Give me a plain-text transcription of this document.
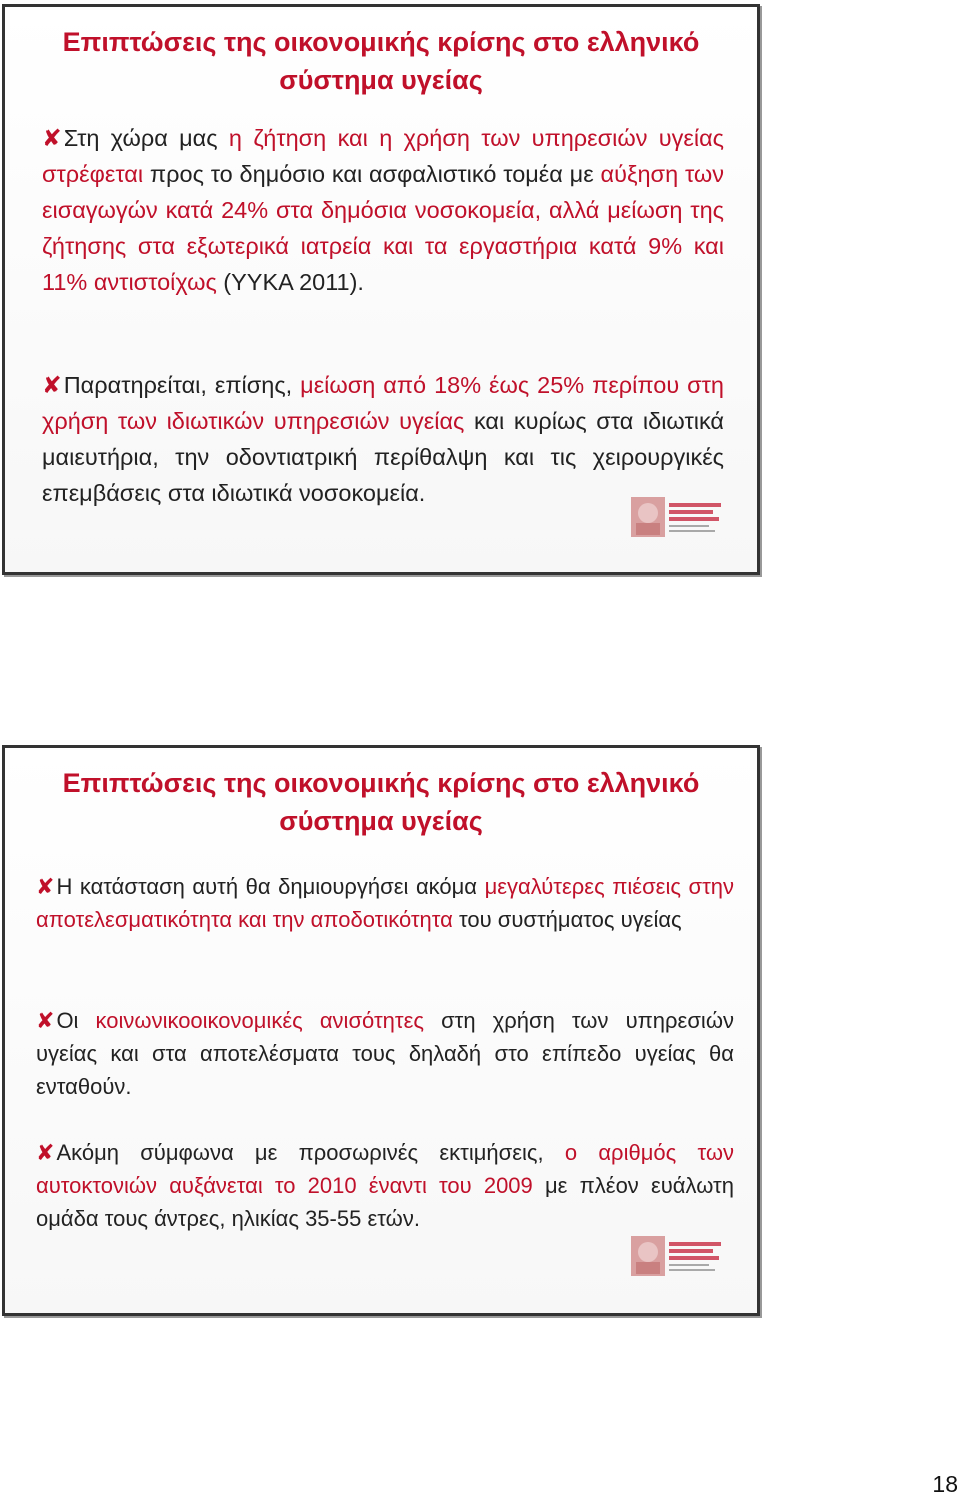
Επιπτώσεις της οικονομικής κρίσης στο ελληνικό
σύστημα υγείας

✘Στη χώρα μας η ζήτηση και η χρήση των υπηρεσιών υγείας στρέφεται προς το δημόσιο και ασφαλιστικό τομέα με αύξηση των εισαγωγών κατά 24% στα δημόσια νοσοκομεία, αλλά μείωση της ζήτησης στα εξωτερικά ιατρεία και τα εργαστήρια κατά 9% και 11% αντιστοίχως (ΥΥΚΑ 2011).

✘Παρατηρείται, επίσης, μείωση από 18% έως 25% περίπου στη χρήση των ιδιωτικών υπηρεσιών υγείας και κυρίως στα ιδιωτικά μαιευτήρια, την οδοντιατρική περίθαλψη και τις χειρουργικές επεμβάσεις στα ιδιωτικά νοσοκομεία.

Επιπτώσεις της οικονομικής κρίσης στο ελληνικό
σύστημα υγείας

✘Η κατάσταση αυτή θα δημιουργήσει ακόμα μεγαλύτερες πιέσεις στην αποτελεσματικότητα και την αποδοτικότητα του συστήματος υγείας

✘Οι κοινωνικοοικονομικές ανισότητες στη χρήση των υπηρεσιών υγείας και στα αποτελέσματα τους δηλαδή στο επίπεδο υγείας θα ενταθούν.

✘Ακόμη σύμφωνα με προσωρινές εκτιμήσεις, ο αριθμός των αυτοκτονιών αυξάνεται το 2010 έναντι του 2009 με πλέον ευάλωτη ομάδα τους άντρες, ηλικίας 35-55 ετών.

18
